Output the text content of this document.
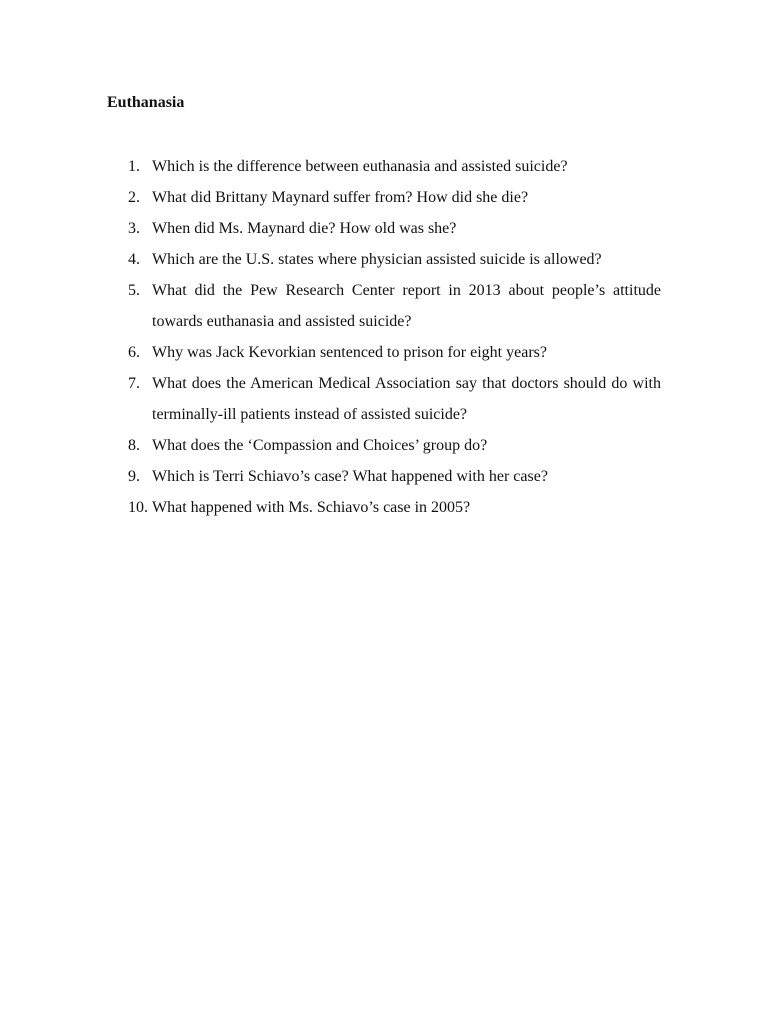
Euthanasia
1. Which is the difference between euthanasia and assisted suicide?
2. What did Brittany Maynard suffer from? How did she die?
3. When did Ms. Maynard die? How old was she?
4. Which are the U.S. states where physician assisted suicide is allowed?
5. What did the Pew Research Center report in 2013 about people’s attitude towards euthanasia and assisted suicide?
6. Why was Jack Kevorkian sentenced to prison for eight years?
7. What does the American Medical Association say that doctors should do with terminally-ill patients instead of assisted suicide?
8. What does the ‘Compassion and Choices’ group do?
9. Which is Terri Schiavo’s case? What happened with her case?
10. What happened with Ms. Schiavo’s case in 2005?
